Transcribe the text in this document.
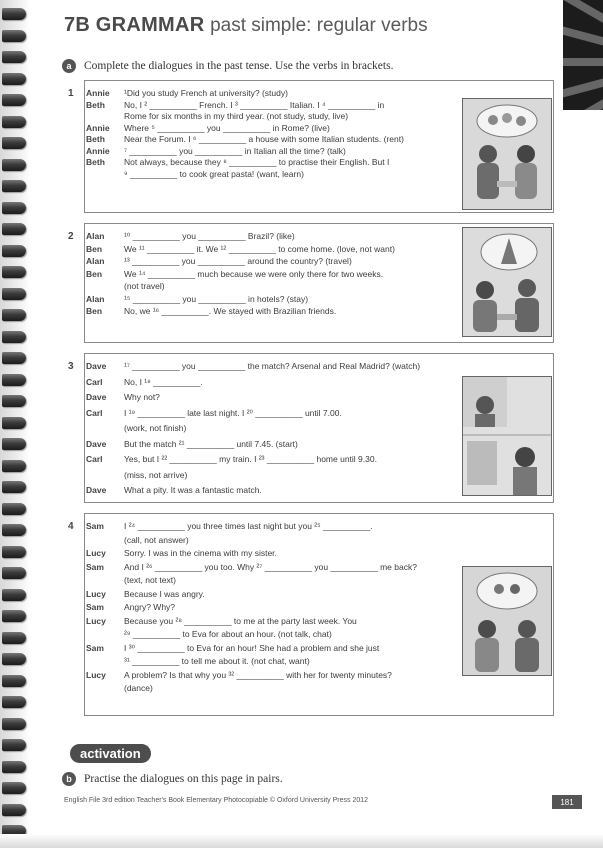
7B GRAMMAR past simple: regular verbs
a	Complete the dialogues in the past tense. Use the verbs in brackets.
1 Annie ¹Did you study French at university? (study)
Beth No, I ² __________ French. I ³ __________ Italian. I ⁴ __________ in
Rome for six months in my third year. (not study, study, live)
Annie Where ⁵ __________ you __________ in Rome? (live)
Beth Near the Forum. I ⁶ __________ a house with some Italian students. (rent)
Annie ⁷ __________ you __________ in Italian all the time? (talk)
Beth Not always, because they ⁸ __________ to practise their English. But I
⁹ __________ to cook great pasta! (want, learn)
2 Alan ¹⁰ __________ you __________ Brazil? (like)
Ben	We ¹¹ __________ it. We ¹² __________ to come home. (love, not want)
Alan ¹³ __________ you __________ around the country? (travel)
Ben	We ¹⁴ __________ much because we were only there for two weeks.
(not travel)
Alan ¹⁵ __________ you __________ in hotels? (stay)
Ben	No, we ¹⁶ __________. We stayed with Brazilian friends.
3 Dave ¹⁷ __________ you __________ the match? Arsenal and Real Madrid? (watch)
Carl	No, I ¹⁸ __________.
Dave Why not?
Carl	I ¹⁹ __________ late last night. I ²⁰ __________ until 7.00.
(work, not finish)
Dave But the match ²¹ __________ until 7.45. (start)
Carl	Yes, but I ²² __________ my train. I ²³ __________ home until 9.30.
(miss, not arrive)
Dave What a pity. It was a fantastic match.
4 Sam I ²⁴ __________ you three times last night but you ²⁵ __________.
(call, not answer)
Lucy Sorry. I was in the cinema with my sister.
Sam And I ²⁶ __________ you too. Why ²⁷ __________ you __________ me back?
(text, not text)
Lucy Because I was angry.
Sam Angry? Why?
Lucy Because you ²⁸ __________ to me at the party last week. You
²⁹ __________ to Eva for about an hour. (not talk, chat)
Sam I ³⁰ __________ to Eva for an hour! She had a problem and she just
³¹ __________ to tell me about it. (not chat, want)
Lucy A problem? Is that why you ³² __________ with her for twenty minutes?
(dance)
activation
b	Practise the dialogues on this page in pairs.
English File 3rd edition Teacher's Book Elementary Photocopiable © Oxford University Press 2012	181
